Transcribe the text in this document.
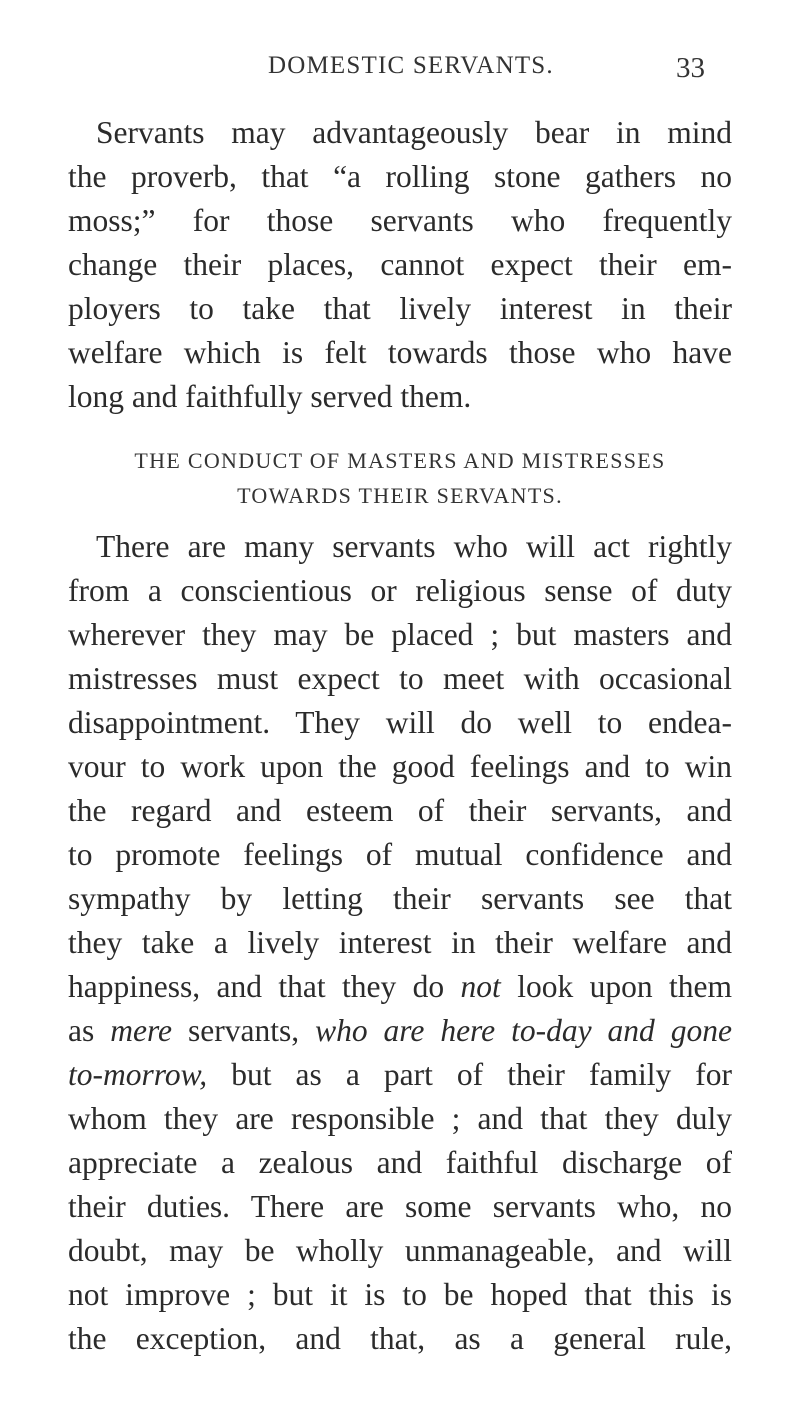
DOMESTIC SERVANTS.	33
Servants may advantageously bear in mind
the proverb, that “a rolling stone gathers no
moss;” for those servants who frequently
change their places, cannot expect their em-
ployers to take that lively interest in their
welfare which is felt towards those who have
long and faithfully served them.
THE CONDUCT OF MASTERS AND MISTRESSES
TOWARDS THEIR SERVANTS.
There are many servants who will act rightly
from a conscientious or religious sense of duty
wherever they may be placed ; but masters and
mistresses must expect to meet with occasional
disappointment. They will do well to endea-
vour to work upon the good feelings and to win
the regard and esteem of their servants, and
to promote feelings of mutual confidence and
sympathy by letting their servants see that
they take a lively interest in their welfare and
happiness, and that they do not look upon them
as mere servants, who are here to-day and gone
to-morrow, but as a part of their family for
whom they are responsible ; and that they duly
appreciate a zealous and faithful discharge of
their duties. There are some servants who, no
doubt, may be wholly unmanageable, and will
not improve ; but it is to be hoped that this is
the exception, and that, as a general rule,
